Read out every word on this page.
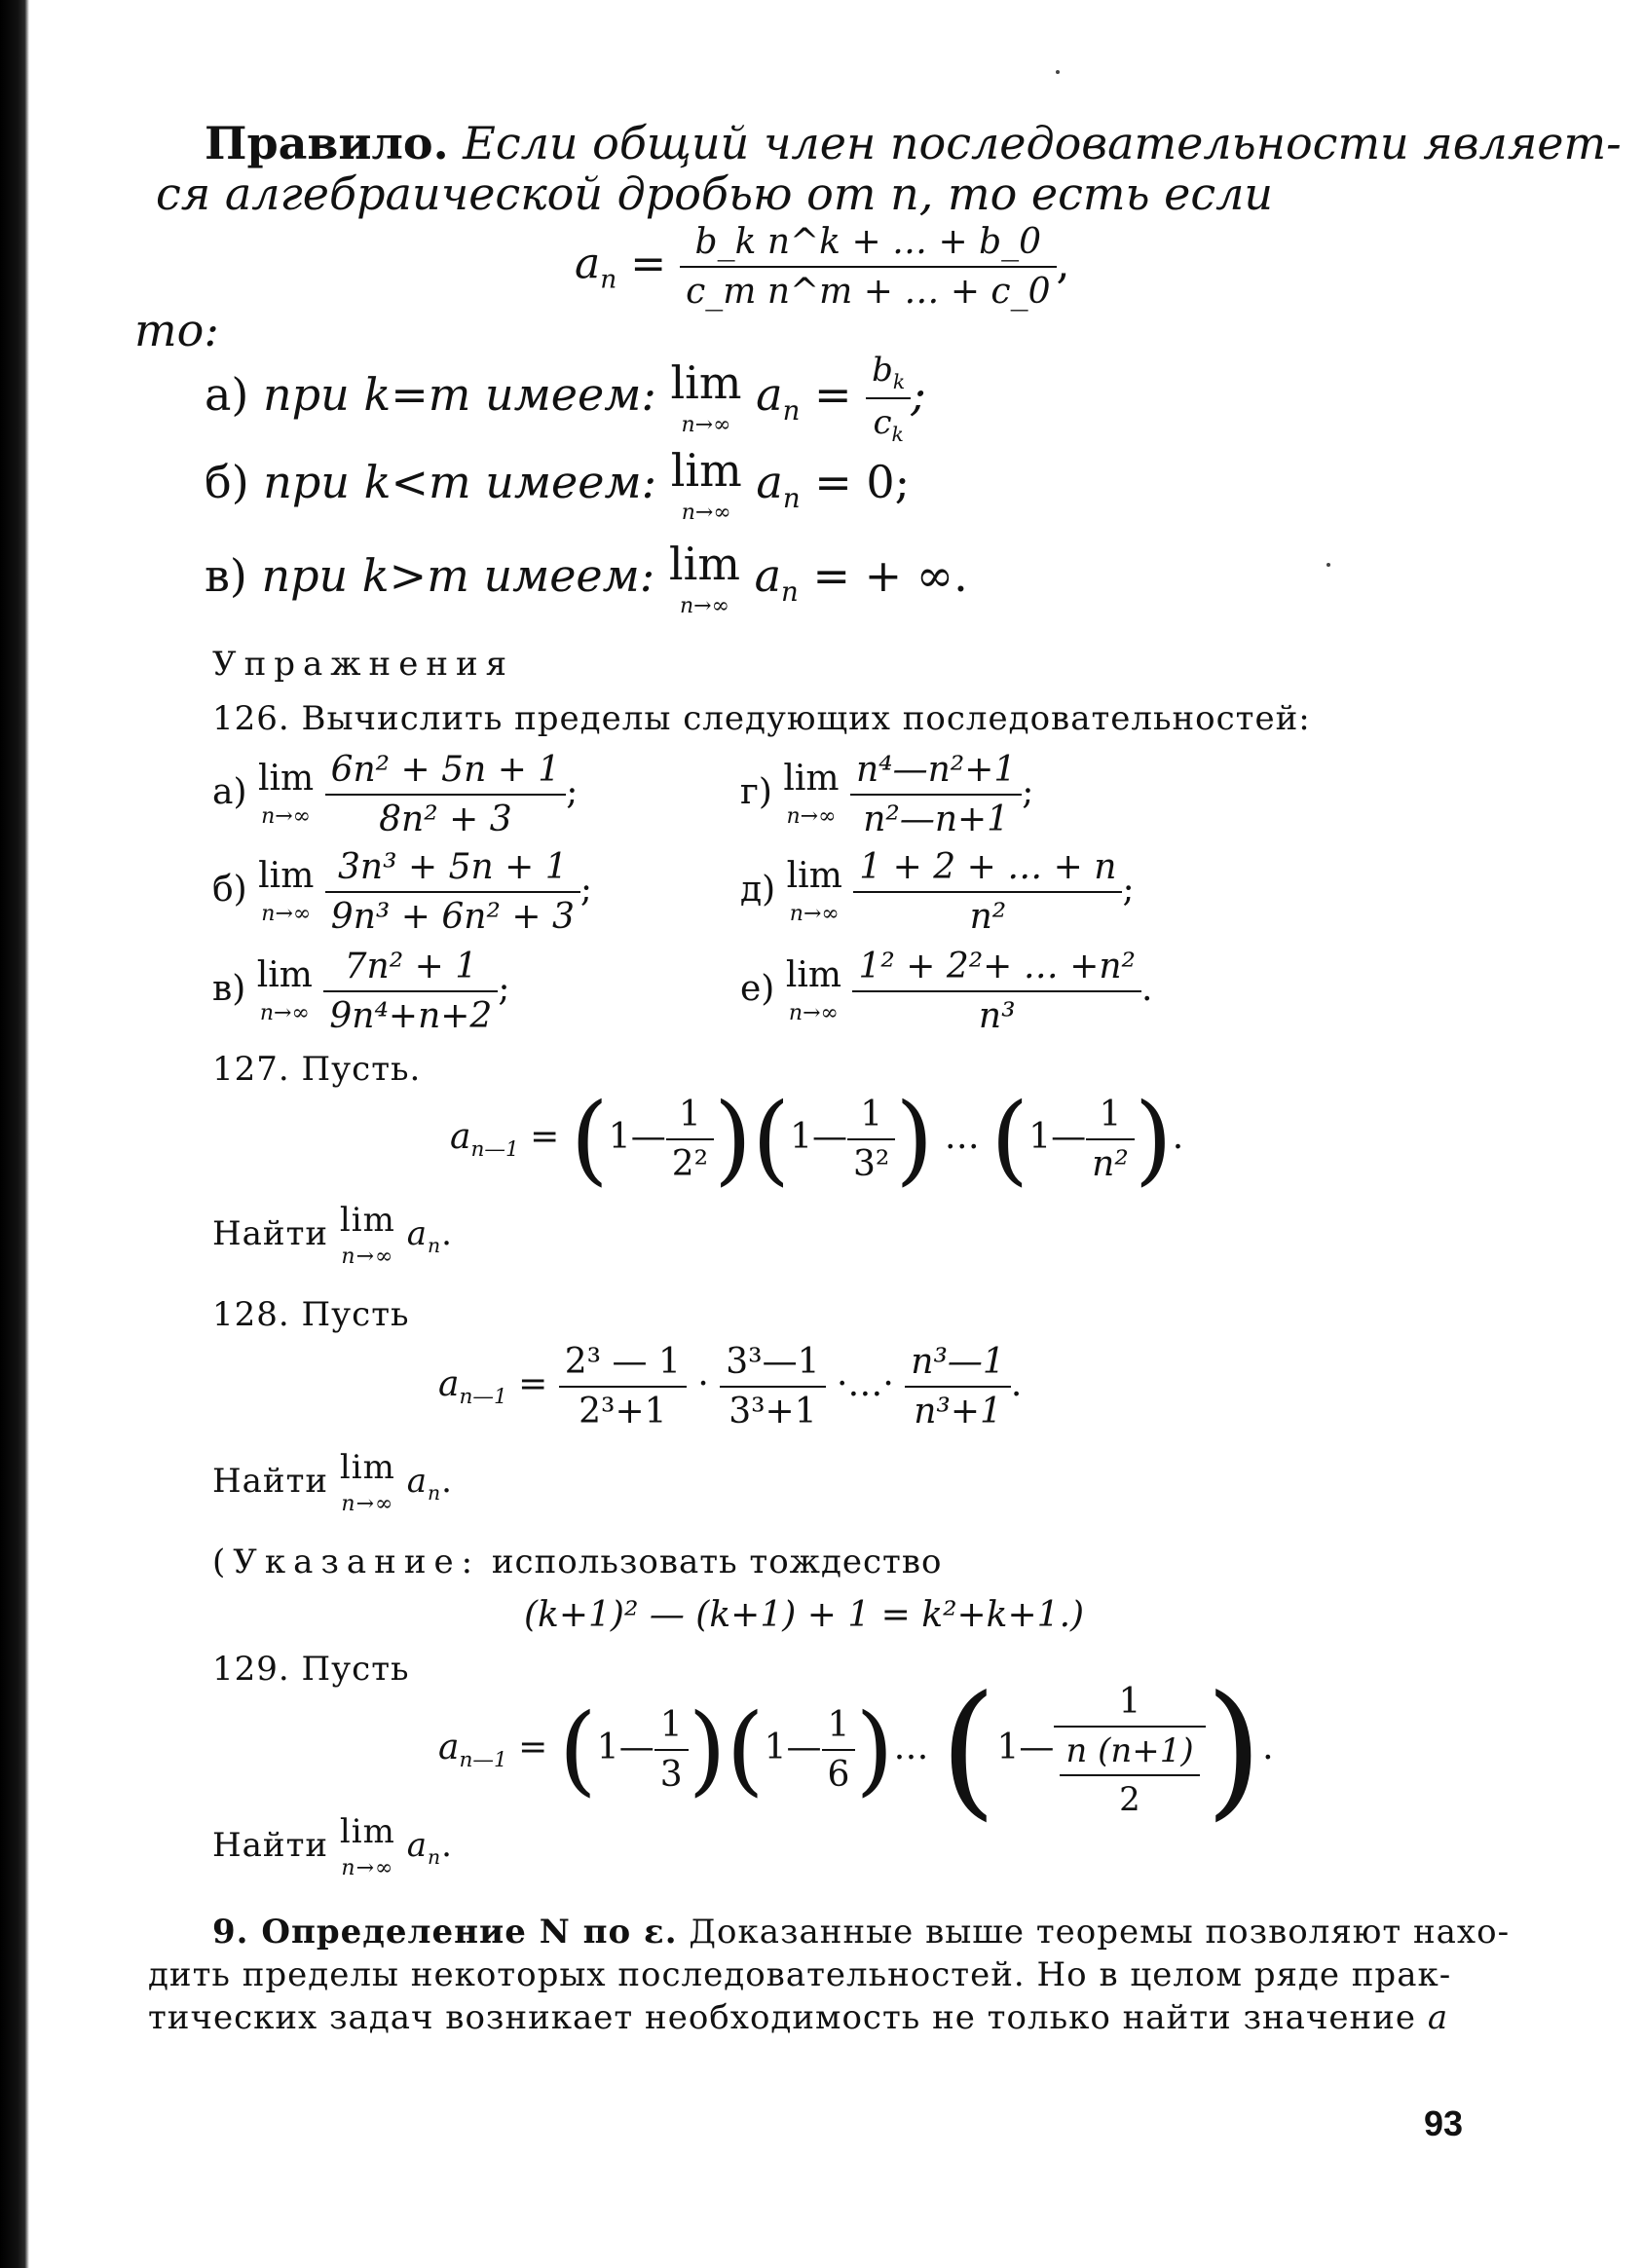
Правило. Если общий член последовательности являет-
ся алгебраической дробью от n, то есть если
$a_n = \frac{\text{b\_k n\textasciicircum{}k + … + b\_0}}{\text{c\_m n\textasciicircum{}m + … + c\_0}}$ ,
то:
а) при k=m имеем: lim
n→∞
$a_n = \frac{b_k}{c_k}$ ;
б) при k<m имеем: lim
n→∞
$a_n = 0$;
в) при k>m имеем: lim
n→∞
$a_n$ = + ∞.
Упражнения
126. Вычислить пределы следующих последовательностей:
а) lim
n→∞
$\frac{\text{6n² + 5n + 1}}{\text{8n² + 3}}$ ;
б) lim
n→∞
$\frac{\text{3n³ + 5n + 1}}{\text{9n³ + 6n² + 3}}$ ;
в) lim
n→∞
$\frac{\text{7n² + 1}}{\text{9n⁴+n+2}}$ ;
г) lim
n→∞
$\frac{\text{n⁴—n²+1}}{\text{n²—n+1}}$ ;
д) lim
n→∞
$\frac{1 + 2 + \dots + n}{\text{n²}}$ ;
е) lim
n→∞
$\frac{\text{1² + 2²+ … +n²}}{\text{n³}}$ .
127. Пусть.
$a_{n—1}$ = (1— $\frac{1}{\text{2²}}$ )(1— $\frac{1}{\text{3²}}$ ) … (1— $\frac{1}{\text{n²}}$ ).
Найти lim
n→∞
$a_n$.
128. Пусть
$a_{n—1} = \frac{\text{2³ — 1}}{\text{2³+1}} \cdot \frac{\text{3³—1}}{\text{3³+1}}$ ·…· $\frac{\text{n³—1}}{\text{n³+1}}$ .
Найти lim
n→∞
$a_n$.
(Указание: использовать тождество
(k+1)² — (k+1) + 1 = k²+k+1.)
129. Пусть
$a_{n—1}$ = (1— $\frac{1}{3}$ )(1— $\frac{1}{6}$ )… (1— $\frac{1}{\frac{n (n+1)}{2}}$ ).
Найти lim
n→∞
$a_n$.
9. Определение N по ε. Доказанные выше теоремы позволяют нахо-
дить пределы некоторых последовательностей. Но в целом ряде прак-
тических задач возникает необходимость не только найти значение a
93
